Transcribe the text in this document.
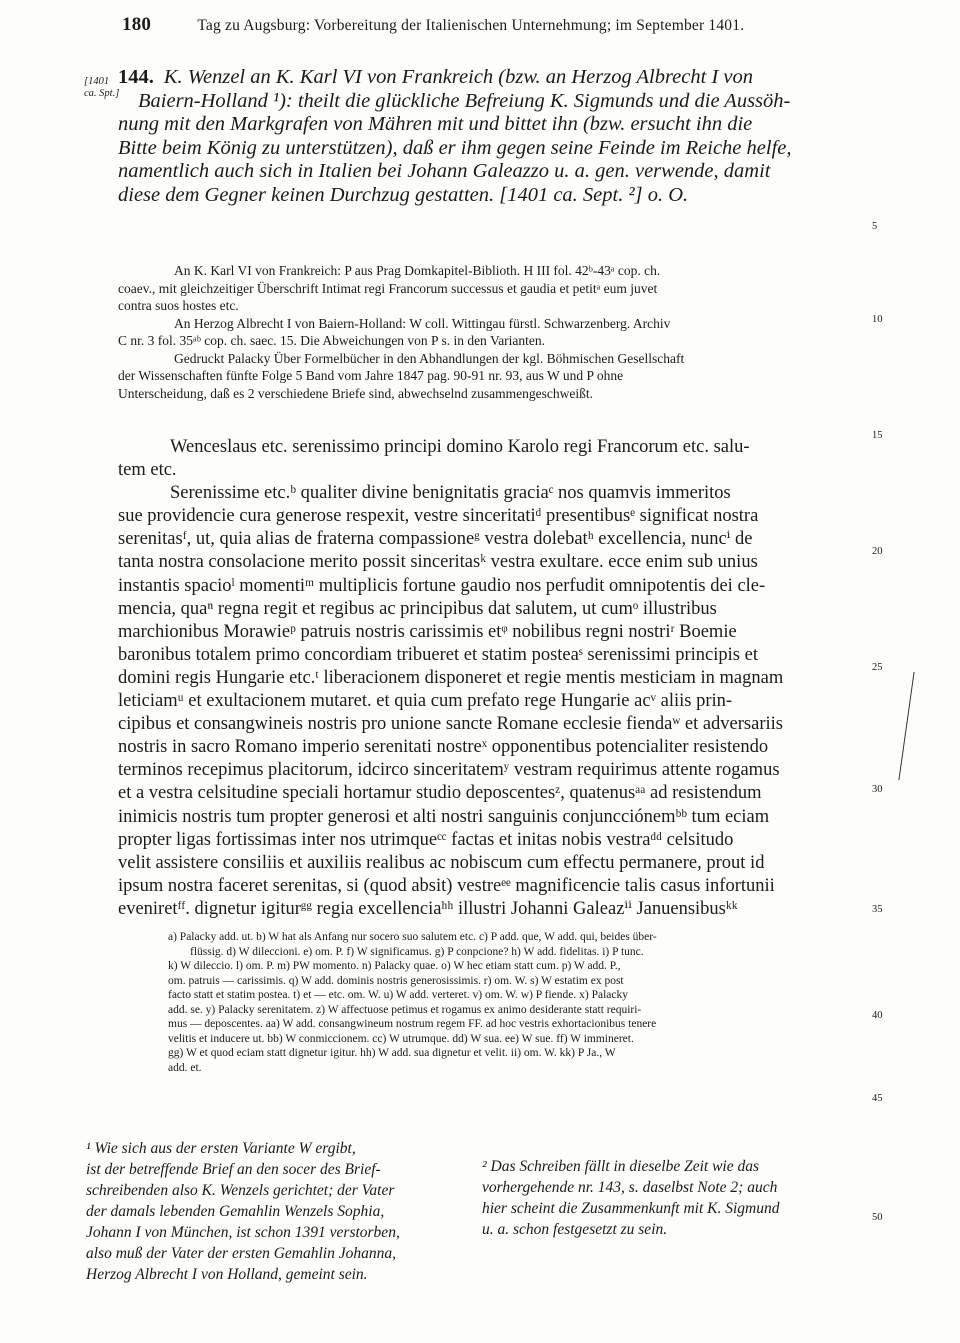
180	Tag zu Augsburg: Vorbereitung der Italienischen Unternehmung; im September 1401.
[1401
ca. Spt.]
144. K. Wenzel an K. Karl VI von Frankreich (bzw. an Herzog Albrecht I von
Baiern-Holland ¹): theilt die glückliche Befreiung K. Sigmunds und die Aussöh-
nung mit den Markgrafen von Mähren mit und bittet ihn (bzw. ersucht ihn die
Bitte beim König zu unterstützen), daß er ihm gegen seine Feinde im Reiche helfe,
namentlich auch sich in Italien bei Johann Galeazzo u. a. gen. verwende, damit
diese dem Gegner keinen Durchzug gestatten. [1401 ca. Sept. ²] o. O.
An K. Karl VI von Frankreich: P aus Prag Domkapitel-Biblioth. H III fol. 42ᵇ-43ᵃ cop. ch.
coaev., mit gleichzeitiger Überschrift Intimat regi Francorum successus et gaudia et petitᵃ eum juvet
contra suos hostes etc.
An Herzog Albrecht I von Baiern-Holland: W coll. Wittingau fürstl. Schwarzenberg. Archiv
C nr. 3 fol. 35ᵃᵇ cop. ch. saec. 15. Die Abweichungen von P s. in den Varianten.
Gedruckt Palacky Über Formelbücher in den Abhandlungen der kgl. Böhmischen Gesellschaft
der Wissenschaften fünfte Folge 5 Band vom Jahre 1847 pag. 90-91 nr. 93, aus W und P ohne
Unterscheidung, daß es 2 verschiedene Briefe sind, abwechselnd zusammengeschweißt.
Wenceslaus etc. serenissimo principi domino Karolo regi Francorum etc. salu-
tem etc.
Serenissime etc.ᵇ qualiter divine benignitatis graciaᶜ nos quamvis immeritos
sue providencie cura generose respexit, vestre sinceritatiᵈ presentibusᵉ significat nostra
serenitasᶠ, ut, quia alias de fraterna compassioneᵍ vestra dolebatʰ excellencia, nuncⁱ de
tanta nostra consolacione merito possit sinceritasᵏ vestra exultare. ecce enim sub unius
instantis spacioˡ momentiᵐ multiplicis fortune gaudio nos perfudit omnipotentis dei cle-
mencia, quaⁿ regna regit et regibus ac principibus dat salutem, ut cumᵒ illustribus
marchionibus Morawieᵖ patruis nostris carissimis etᵠ nobilibus regni nostriʳ Boemie
baronibus totalem primo concordiam tribueret et statim posteaˢ serenissimi principis et
domini regis Hungarie etc.ᵗ liberacionem disponeret et regie mentis mesticiam in magnam
leticiamᵘ et exultacionem mutaret. et quia cum prefato rege Hungarie acᵛ aliis prin-
cipibus et consangwineis nostris pro unione sancte Romane ecclesie fiendaʷ et adversariis
nostris in sacro Romano imperio serenitati nostreˣ opponentibus potencialiter resistendo
terminos recepimus placitorum, idcirco sinceritatemʸ vestram requirimus attente rogamus
et a vestra celsitudine speciali hortamur studio deposcentesᶻ, quatenusᵃᵃ ad resistendum
inimicis nostris tum propter generosi et alti nostri sanguinis conjuncciónemᵇᵇ tum eciam
propter ligas fortissimas inter nos utrimqueᶜᶜ factas et initas nobis vestraᵈᵈ celsitudo
velit assistere consiliis et auxiliis realibus ac nobiscum cum effectu permanere, prout id
ipsum nostra faceret serenitas, si (quod absit) vestreᵉᵉ magnificencie talis casus infortunii
eveniretᶠᶠ. dignetur igiturᵍᵍ regia excellenciaʰʰ illustri Johanni Galeazⁱⁱ Januensibusᵏᵏ
5
10
15
20
25
30
35
40
45
50
a) Palacky add. ut. b) W hat als Anfang nur socero suo salutem etc. c) P add. que, W add. qui, beides über-
flüssig. d) W dileccioni. e) om. P. f) W significamus. g) P conpcione? h) W add. fidelitas. i) P tunc.
k) W dileccio. l) om. P. m) PW momento. n) Palacky quae. o) W hec etiam statt cum. p) W add. P.,
om. patruis — carissimis. q) W add. dominis nostris generosissimis. r) om. W. s) W estatim ex post
facto statt et statim postea. t) et — etc. om. W. u) W add. verteret. v) om. W. w) P fiende. x) Palacky
add. se. y) Palacky serenitatem. z) W affectuose petimus et rogamus ex animo desiderante statt requiri-
mus — deposcentes. aa) W add. consangwineum nostrum regem FF. ad hoc vestris exhortacionibus tenere
velitis et inducere ut. bb) W conmiccionem. cc) W utrumque. dd) W sua. ee) W sue. ff) W immineret.
gg) W et quod eciam statt dignetur igitur. hh) W add. sua dignetur et velit. ii) om. W. kk) P Ja., W
add. et.
¹ Wie sich aus der ersten Variante W ergibt,
ist der betreffende Brief an den socer des Brief-
schreibenden also K. Wenzels gerichtet; der Vater
der damals lebenden Gemahlin Wenzels Sophia,
Johann I von München, ist schon 1391 verstorben,
also muß der Vater der ersten Gemahlin Johanna,
Herzog Albrecht I von Holland, gemeint sein.
² Das Schreiben fällt in dieselbe Zeit wie das
vorhergehende nr. 143, s. daselbst Note 2; auch
hier scheint die Zusammenkunft mit K. Sigmund
u. a. schon festgesetzt zu sein.
